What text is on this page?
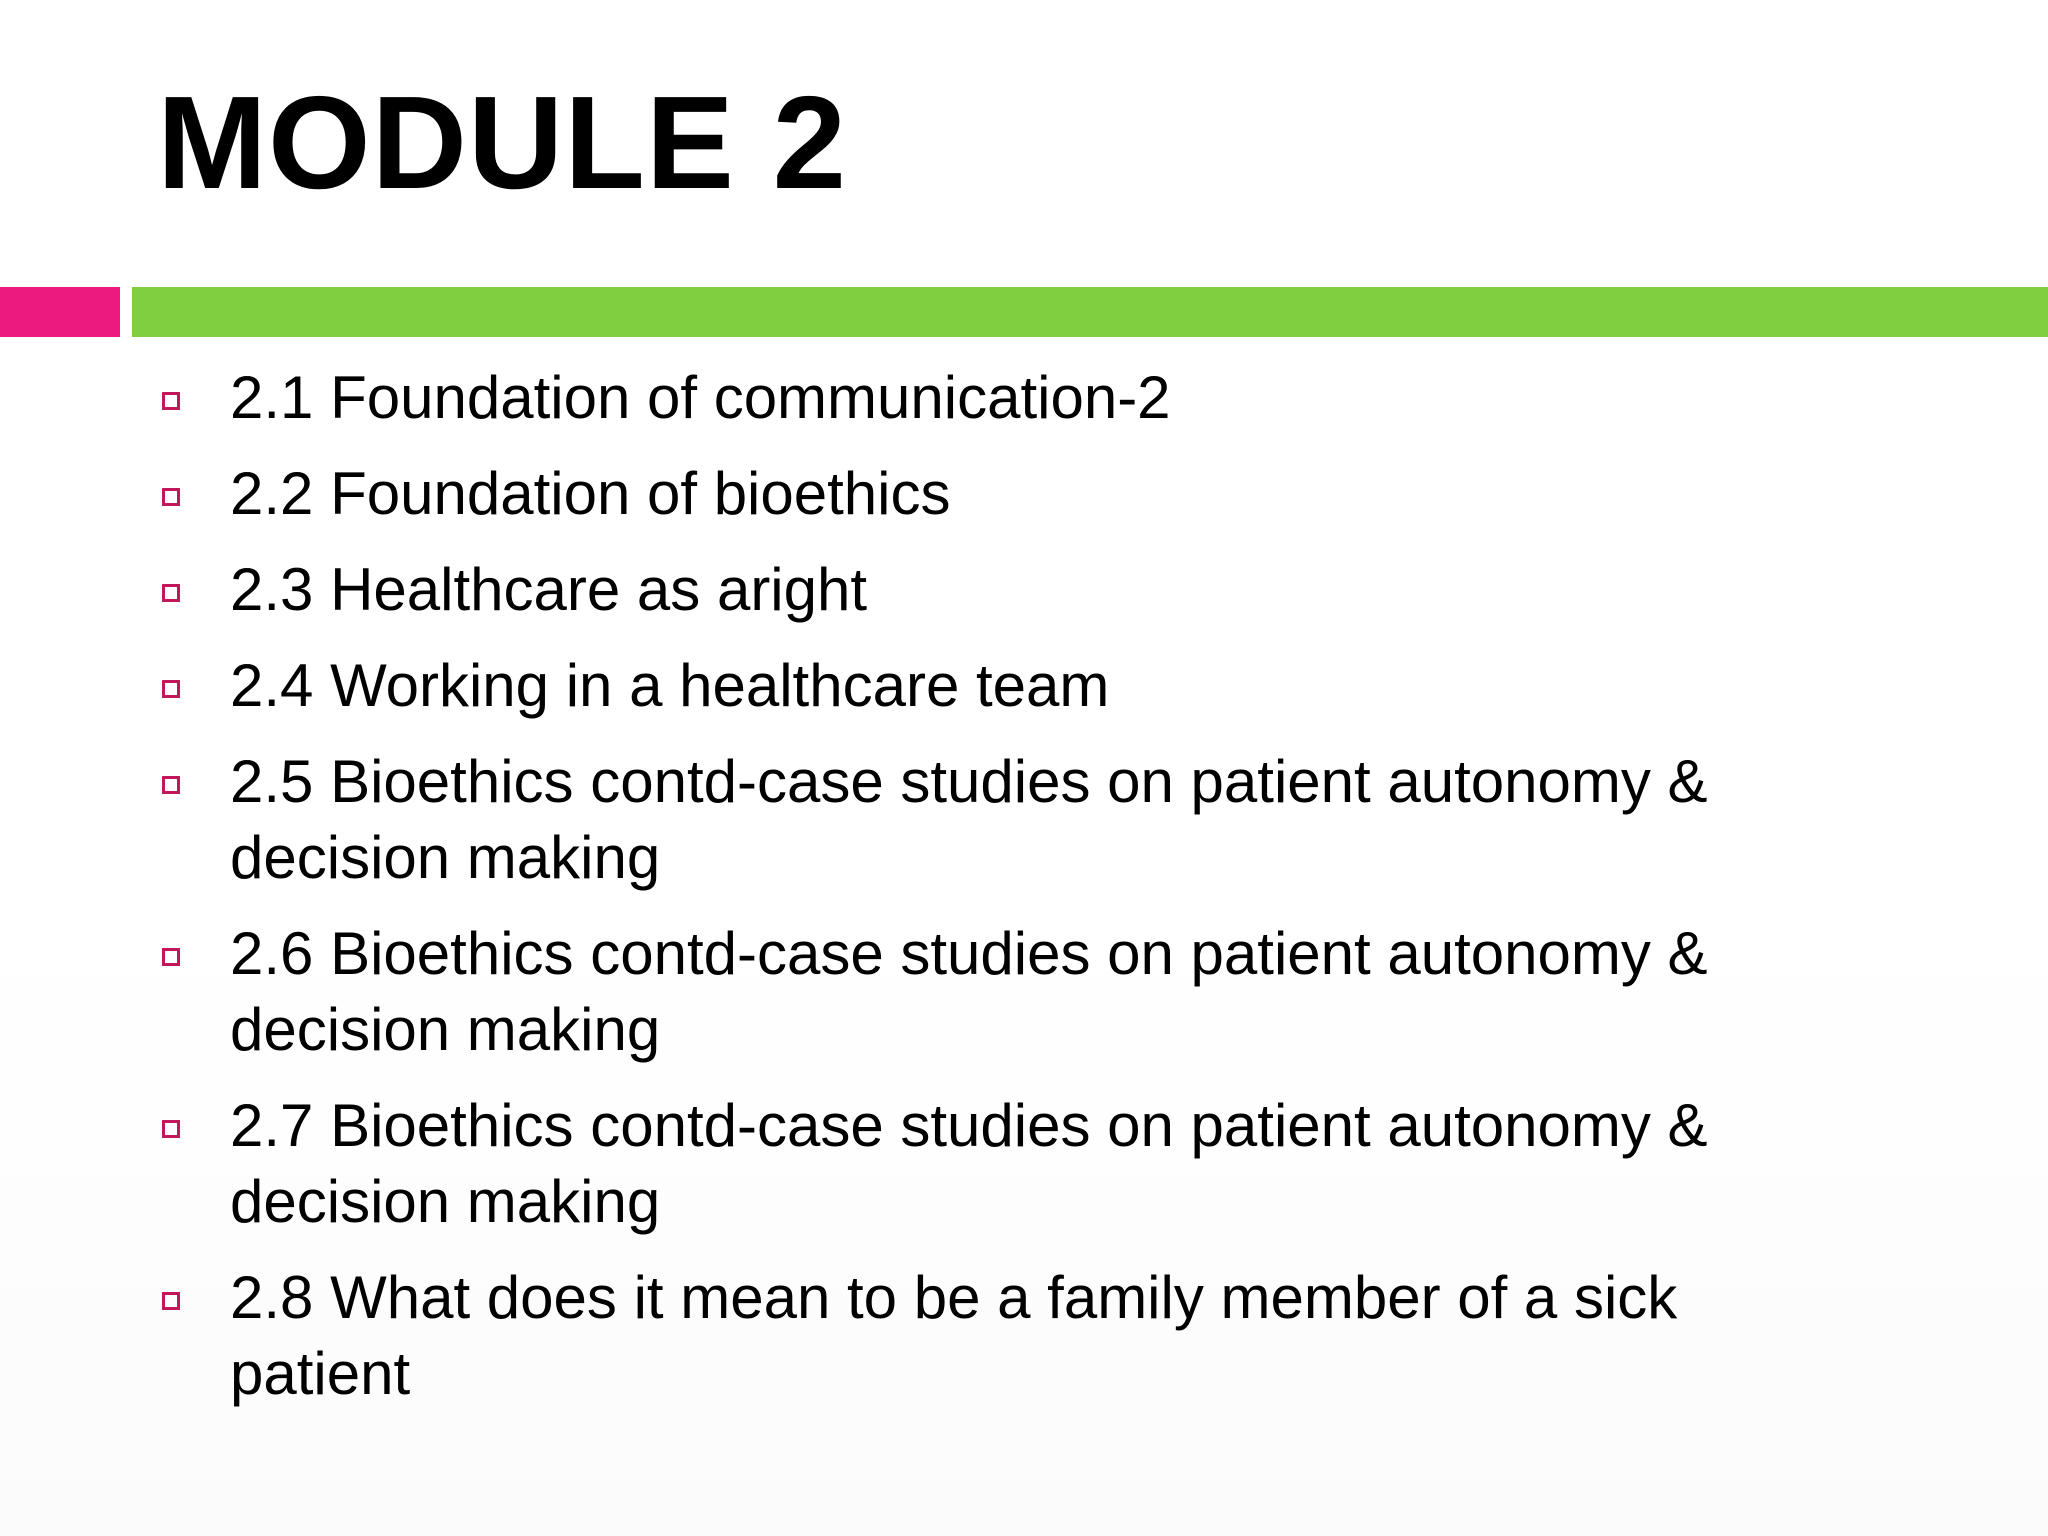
MODULE 2
2.1 Foundation of communication-2
2.2 Foundation of bioethics
2.3 Healthcare as aright
2.4 Working in a healthcare team
2.5 Bioethics contd-case studies on patient autonomy & decision making
2.6 Bioethics contd-case studies on patient autonomy & decision making
2.7 Bioethics contd-case studies on patient autonomy & decision making
2.8 What does it mean to be a family member of a sick patient
